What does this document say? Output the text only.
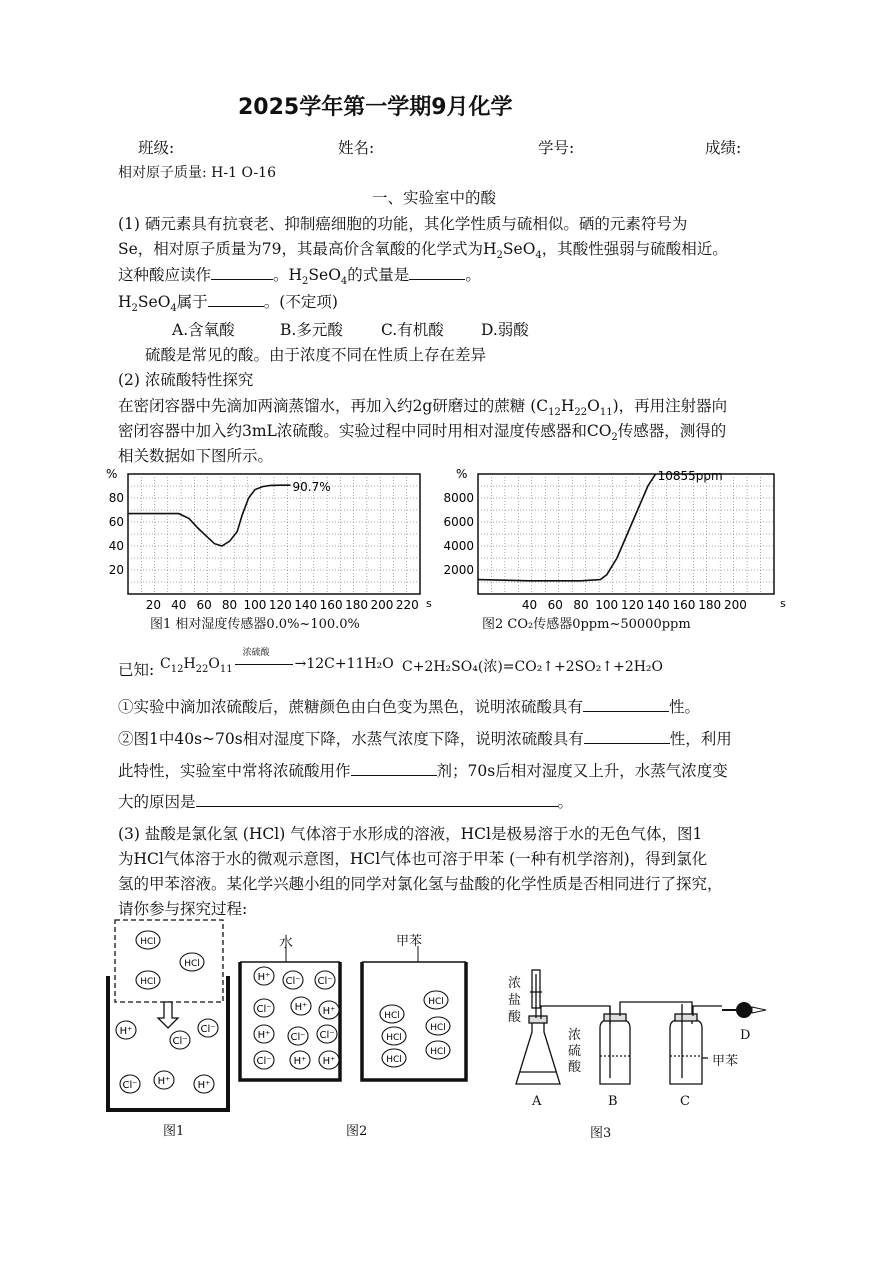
2025学年第一学期9月化学
班级:	姓名:	学号:	成绩:
相对原子质量: H-1 O-16
一、实验室中的酸
(1) 硒元素具有抗衰老、抑制癌细胞的功能，其化学性质与硫相似。硒的元素符号为
Se，相对原子质量为79，其最高价含氧酸的化学式为$H_2SeO_4$，其酸性强弱与硫酸相近。
这种酸应读作	。$H_2SeO_4$的式量是	。
$H_2SeO_4$属于	。(不定项)
A.含氧酸	B.多元酸 C.有机酸 D.弱酸
硫酸是常见的酸。由于浓度不同在性质上存在差异
(2) 浓硫酸特性探究
在密闭容器中先滴加两滴蒸馏水，再加入约2g研磨过的蔗糖 $(C_{12}H_{22}O_{11})$，再用注射器向
密闭容器中加入约3mL浓硫酸。实验过程中同时用相对湿度传感器和$CO_2$传感器，测得的
相关数据如下图所示。
20
40
60
80
20 40 60 80 100 120 140 160 180 200 220
%
s
90.7%
图1 相对湿度传感器0.0%~100.0%
2000
4000
6000
8000
40 60 80 100 120 140 160 180 200
%
s
10855ppm
图2 CO₂传感器0ppm~50000ppm
已知: $C_{12}H_{22}O_{11}$
浓硫酸
→12C+11H₂O C+2H₂SO₄(浓)=CO₂↑+2SO₂↑+2H₂O
①实验中滴加浓硫酸后，蔗糖颜色由白色变为黑色，说明浓硫酸具有	性。
②图1中40s~70s相对湿度下降，水蒸气浓度下降，说明浓硫酸具有	性，利用
此特性，实验室中常将浓硫酸用作	剂；70s后相对湿度又上升，水蒸气浓度变
大的原因是	。
(3) 盐酸是氯化氢 (HCl) 气体溶于水形成的溶液，HCl是极易溶于水的无色气体，图1
为HCl气体溶于水的微观示意图，HCl气体也可溶于甲苯 (一种有机学溶剂)，得到氯化
氢的甲苯溶液。某化学兴趣小组的同学对氯化氢与盐酸的化学性质是否相同进行了探究，
请你参与探究过程:
HCl
HCl
HCl
H⁺	Cl⁻
Cl⁻
Cl⁻ H⁺	H⁺
H⁺ Cl⁻ Cl⁻
Cl⁻ H⁺ H⁺
H⁺ Cl⁻ Cl⁻
Cl⁻ H⁺ H⁺
HCl
HCl
HCl
HCl
HCl
HCl
水	甲苯
图1	图2
浓
盐
酸
浓
硫
酸	甲苯
A	B	C
D
图3
